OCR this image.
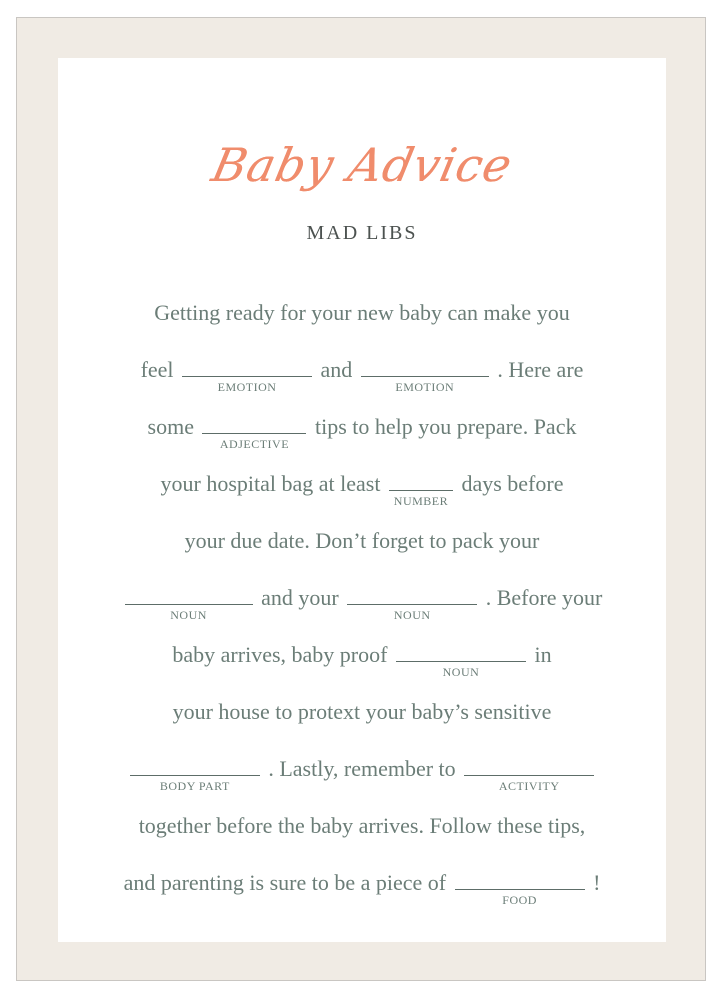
Baby Advice
MAD LIBS
Getting ready for your new baby can make you
feel
EMOTION
and
EMOTION
. Here are
some
ADJECTIVE
tips to help you prepare. Pack
your hospital bag at least
NUMBER
days before
your due date. Don’t forget to pack your
NOUN
and your
NOUN
. Before your
baby arrives, baby proof
NOUN
in
your house to protext your baby’s sensitive
BODY PART
. Lastly, remember to
ACTIVITY
together before the baby arrives. Follow these tips,
and parenting is sure to be a piece of
FOOD
!
